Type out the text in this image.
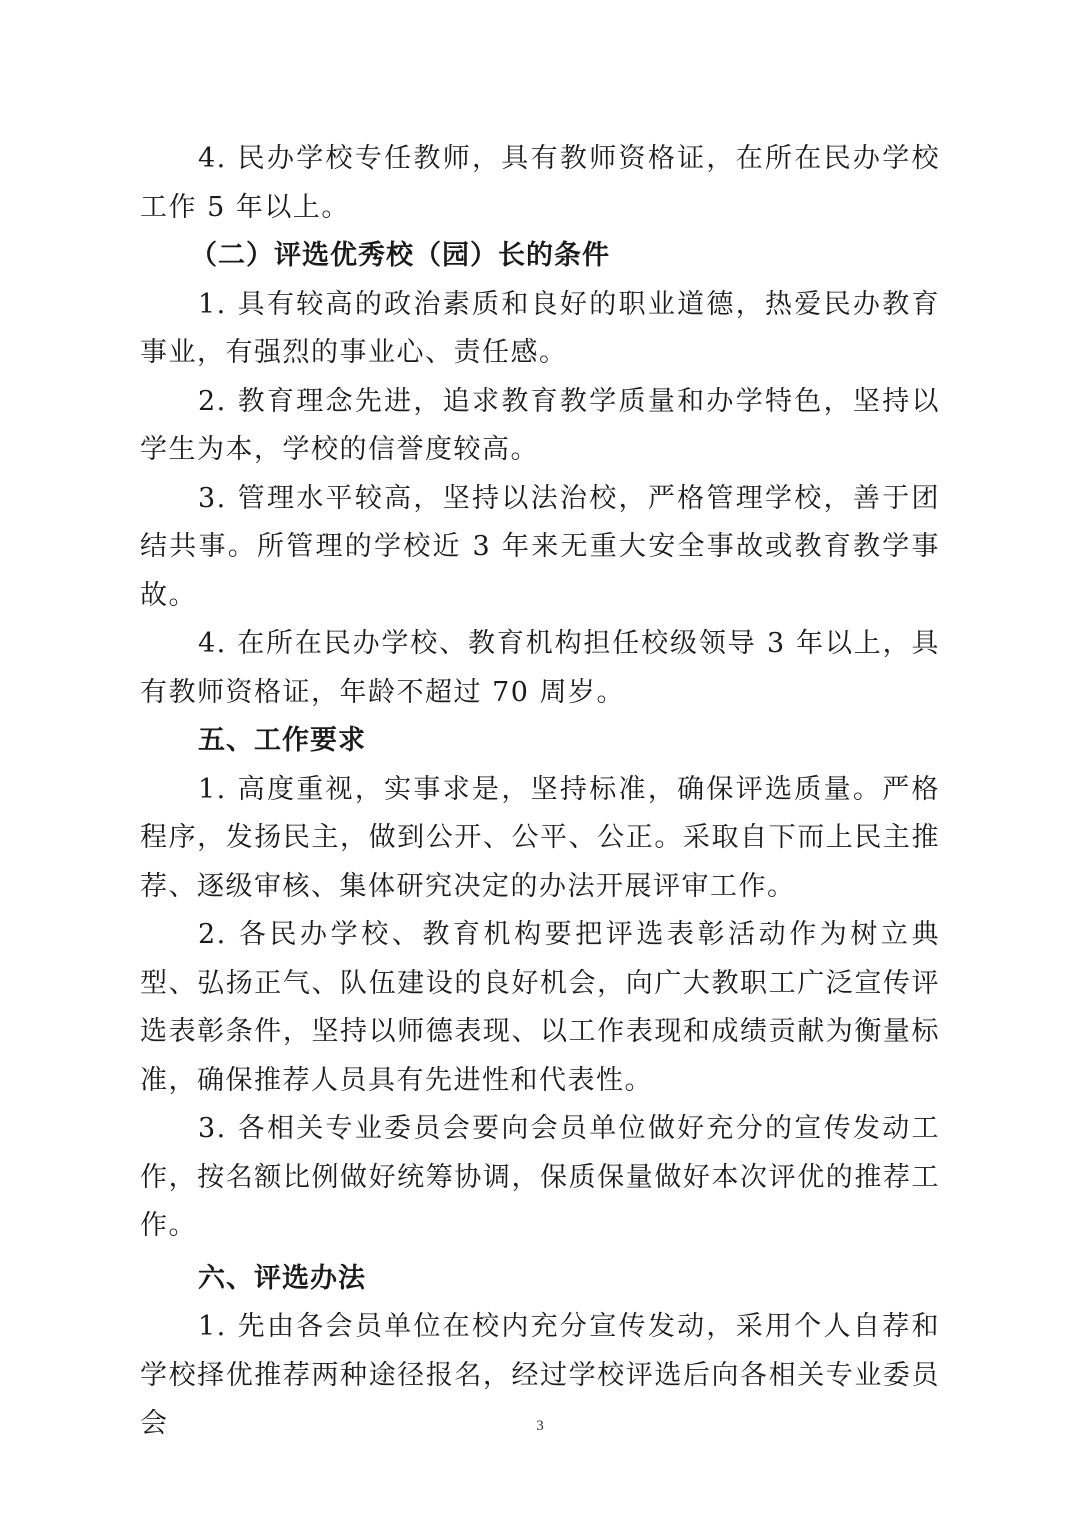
4. 民办学校专任教师，具有教师资格证，在所在民办学校工作 5 年以上。

（二）评选优秀校（园）长的条件

1. 具有较高的政治素质和良好的职业道德，热爱民办教育事业，有强烈的事业心、责任感。

2. 教育理念先进，追求教育教学质量和办学特色，坚持以学生为本，学校的信誉度较高。

3. 管理水平较高，坚持以法治校，严格管理学校，善于团结共事。所管理的学校近 3 年来无重大安全事故或教育教学事故。

4. 在所在民办学校、教育机构担任校级领导 3 年以上，具有教师资格证，年龄不超过 70 周岁。

五、工作要求

1. 高度重视，实事求是，坚持标准，确保评选质量。严格程序，发扬民主，做到公开、公平、公正。采取自下而上民主推荐、逐级审核、集体研究决定的办法开展评审工作。

2. 各民办学校、教育机构要把评选表彰活动作为树立典型、弘扬正气、队伍建设的良好机会，向广大教职工广泛宣传评选表彰条件，坚持以师德表现、以工作表现和成绩贡献为衡量标准，确保推荐人员具有先进性和代表性。

3. 各相关专业委员会要向会员单位做好充分的宣传发动工作，按名额比例做好统筹协调，保质保量做好本次评优的推荐工作。

六、评选办法

1. 先由各会员单位在校内充分宣传发动，采用个人自荐和学校择优推荐两种途径报名，经过学校评选后向各相关专业委员会	3
